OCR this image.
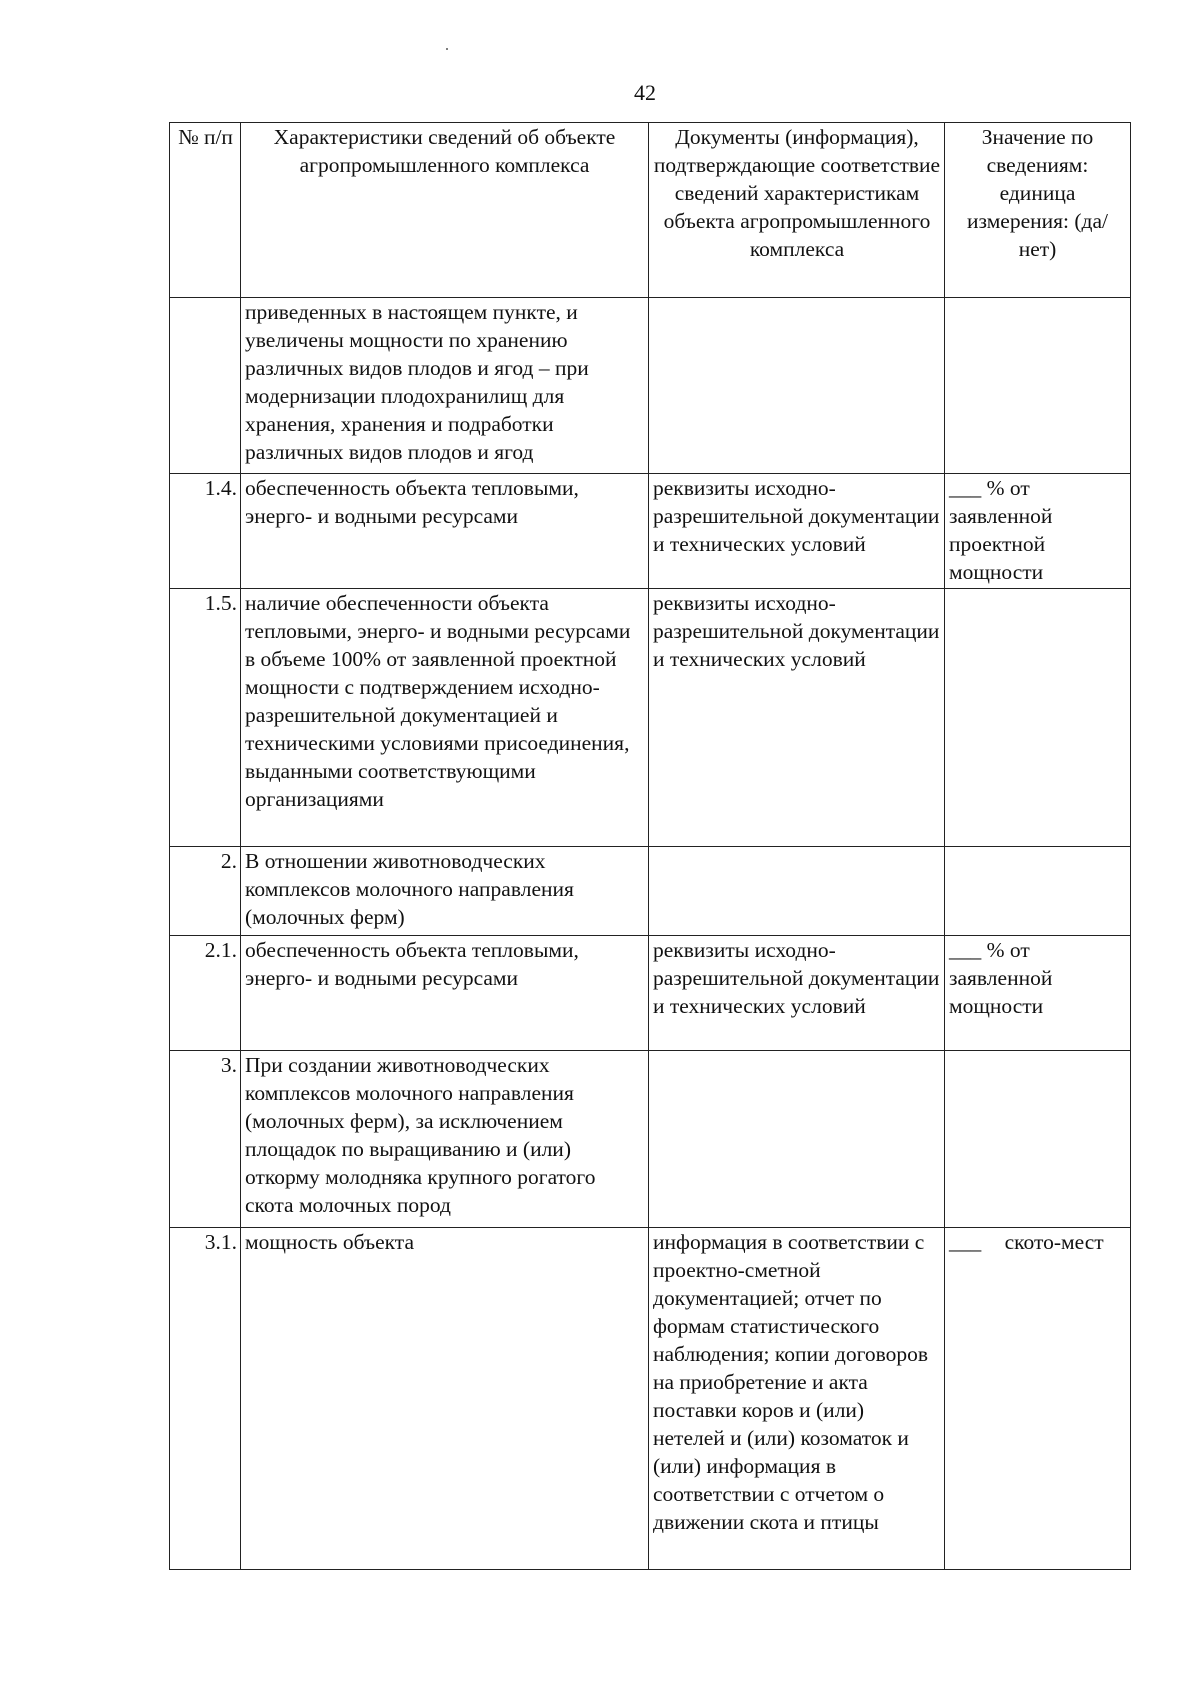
42
№ п/п	Характеристики сведений об объекте агропромышленного комплекса	Документы (информация), подтверждающие соответствие сведений характеристикам объекта агропромышленного комплекса	Значение по сведениям: единица измерения: (да/нет)
	приведенных в настоящем пункте, и увеличены мощности по хранению различных видов плодов и ягод – при модернизации плодохранилищ для хранения, хранения и подработки различных видов плодов и ягод		
1.4.	обеспеченность объекта тепловыми, энерго- и водными ресурсами	реквизиты исходно-разрешительной документации и технических условий	___ % от заявленной проектной мощности
1.5.	наличие обеспеченности объекта тепловыми, энерго- и водными ресурсами в объеме 100% от заявленной проектной мощности с подтверждением исходно-разрешительной документацией и техническими условиями присоединения, выданными соответствующими организациями	реквизиты исходно-разрешительной документации и технических условий	
2.	В отношении животноводческих комплексов молочного направления (молочных ферм)		
2.1.	обеспеченность объекта тепловыми, энерго- и водными ресурсами	реквизиты исходно-разрешительной документации и технических условий	___ % от заявленной мощности
3.	При создании животноводческих комплексов молочного направления (молочных ферм), за исключением площадок по выращиванию и (или) откорму молодняка крупного рогатого скота молочных пород		
3.1.	мощность объекта	информация в соответствии с проектно-сметной документацией; отчет по формам статистического наблюдения; копии договоров на приобретение и акта поставки коров и (или) нетелей и (или) козоматок и (или) информация в соответствии с отчетом о движении скота и птицы	___ ското-мест
